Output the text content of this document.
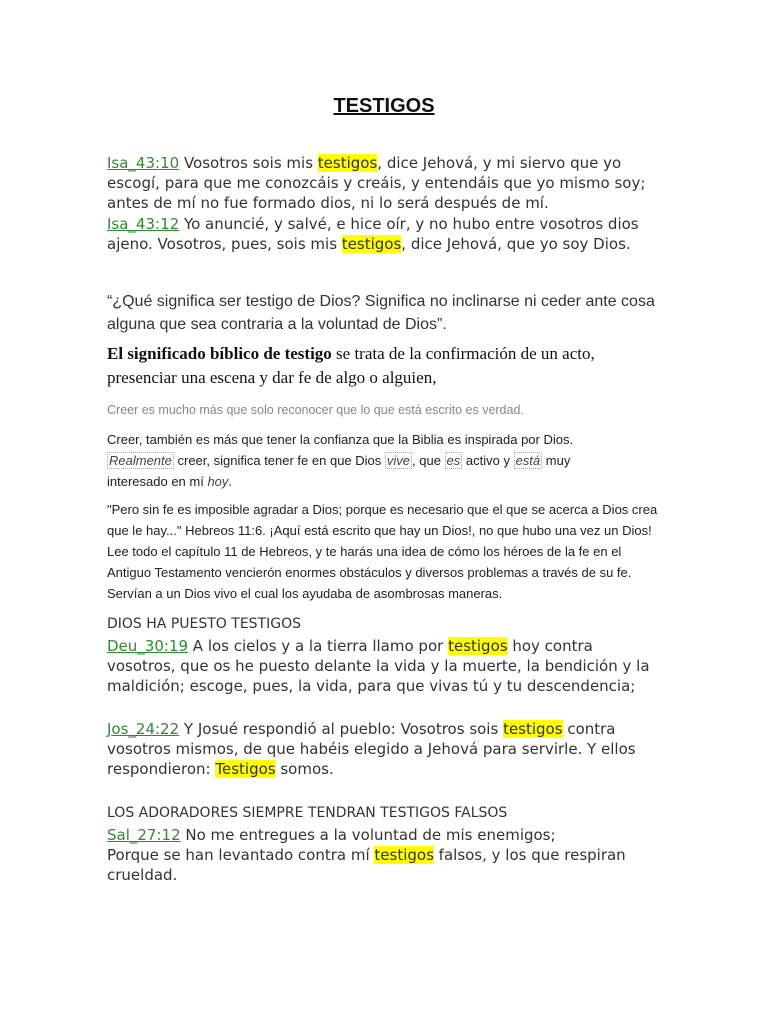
TESTIGOS
Isa_43:10 Vosotros sois mis testigos, dice Jehová, y mi siervo que yo escogí, para que me conozcáis y creáis, y entendáis que yo mismo soy; antes de mí no fue formado dios, ni lo será después de mí.
Isa_43:12 Yo anuncié, y salvé, e hice oír, y no hubo entre vosotros dios ajeno. Vosotros, pues, sois mis testigos, dice Jehová, que yo soy Dios.
“¿Qué significa ser testigo de Dios? Significa no inclinarse ni ceder ante cosa alguna que sea contraria a la voluntad de Dios”.
El significado bíblico de testigo se trata de la confirmación de un acto, presenciar una escena y dar fe de algo o alguien,
Creer es mucho más que solo reconocer que lo que está escrito es verdad.
Creer, también es más que tener la confianza que la Biblia es inspirada por Dios. Realmente creer, significa tener fe en que Dios vive , que es activo y está muy interesado en mí hoy.
"Pero sin fe es imposible agradar a Dios; porque es necesario que el que se acerca a Dios crea que le hay..." Hebreos 11:6. ¡Aquí está escrito que hay un Dios!, no que hubo una vez un Dios! Lee todo el capítulo 11 de Hebreos, y te harás una idea de cómo los héroes de la fe en el Antiguo Testamento vencierón enormes obstáculos y diversos problemas a través de su fe. Servían a un Dios vivo el cual los ayudaba de asombrosas maneras.
DIOS HA PUESTO TESTIGOS
Deu_30:19 A los cielos y a la tierra llamo por testigos hoy contra vosotros, que os he puesto delante la vida y la muerte, la bendición y la maldición; escoge, pues, la vida, para que vivas tú y tu descendencia;
Jos_24:22 Y Josué respondió al pueblo: Vosotros sois testigos contra vosotros mismos, de que habéis elegido a Jehová para servirle. Y ellos respondieron: Testigos somos.
LOS ADORADORES SIEMPRE TENDRAN TESTIGOS FALSOS
Sal_27:12 No me entregues a la voluntad de mis enemigos;
Porque se han levantado contra mí testigos falsos, y los que respiran crueldad.
